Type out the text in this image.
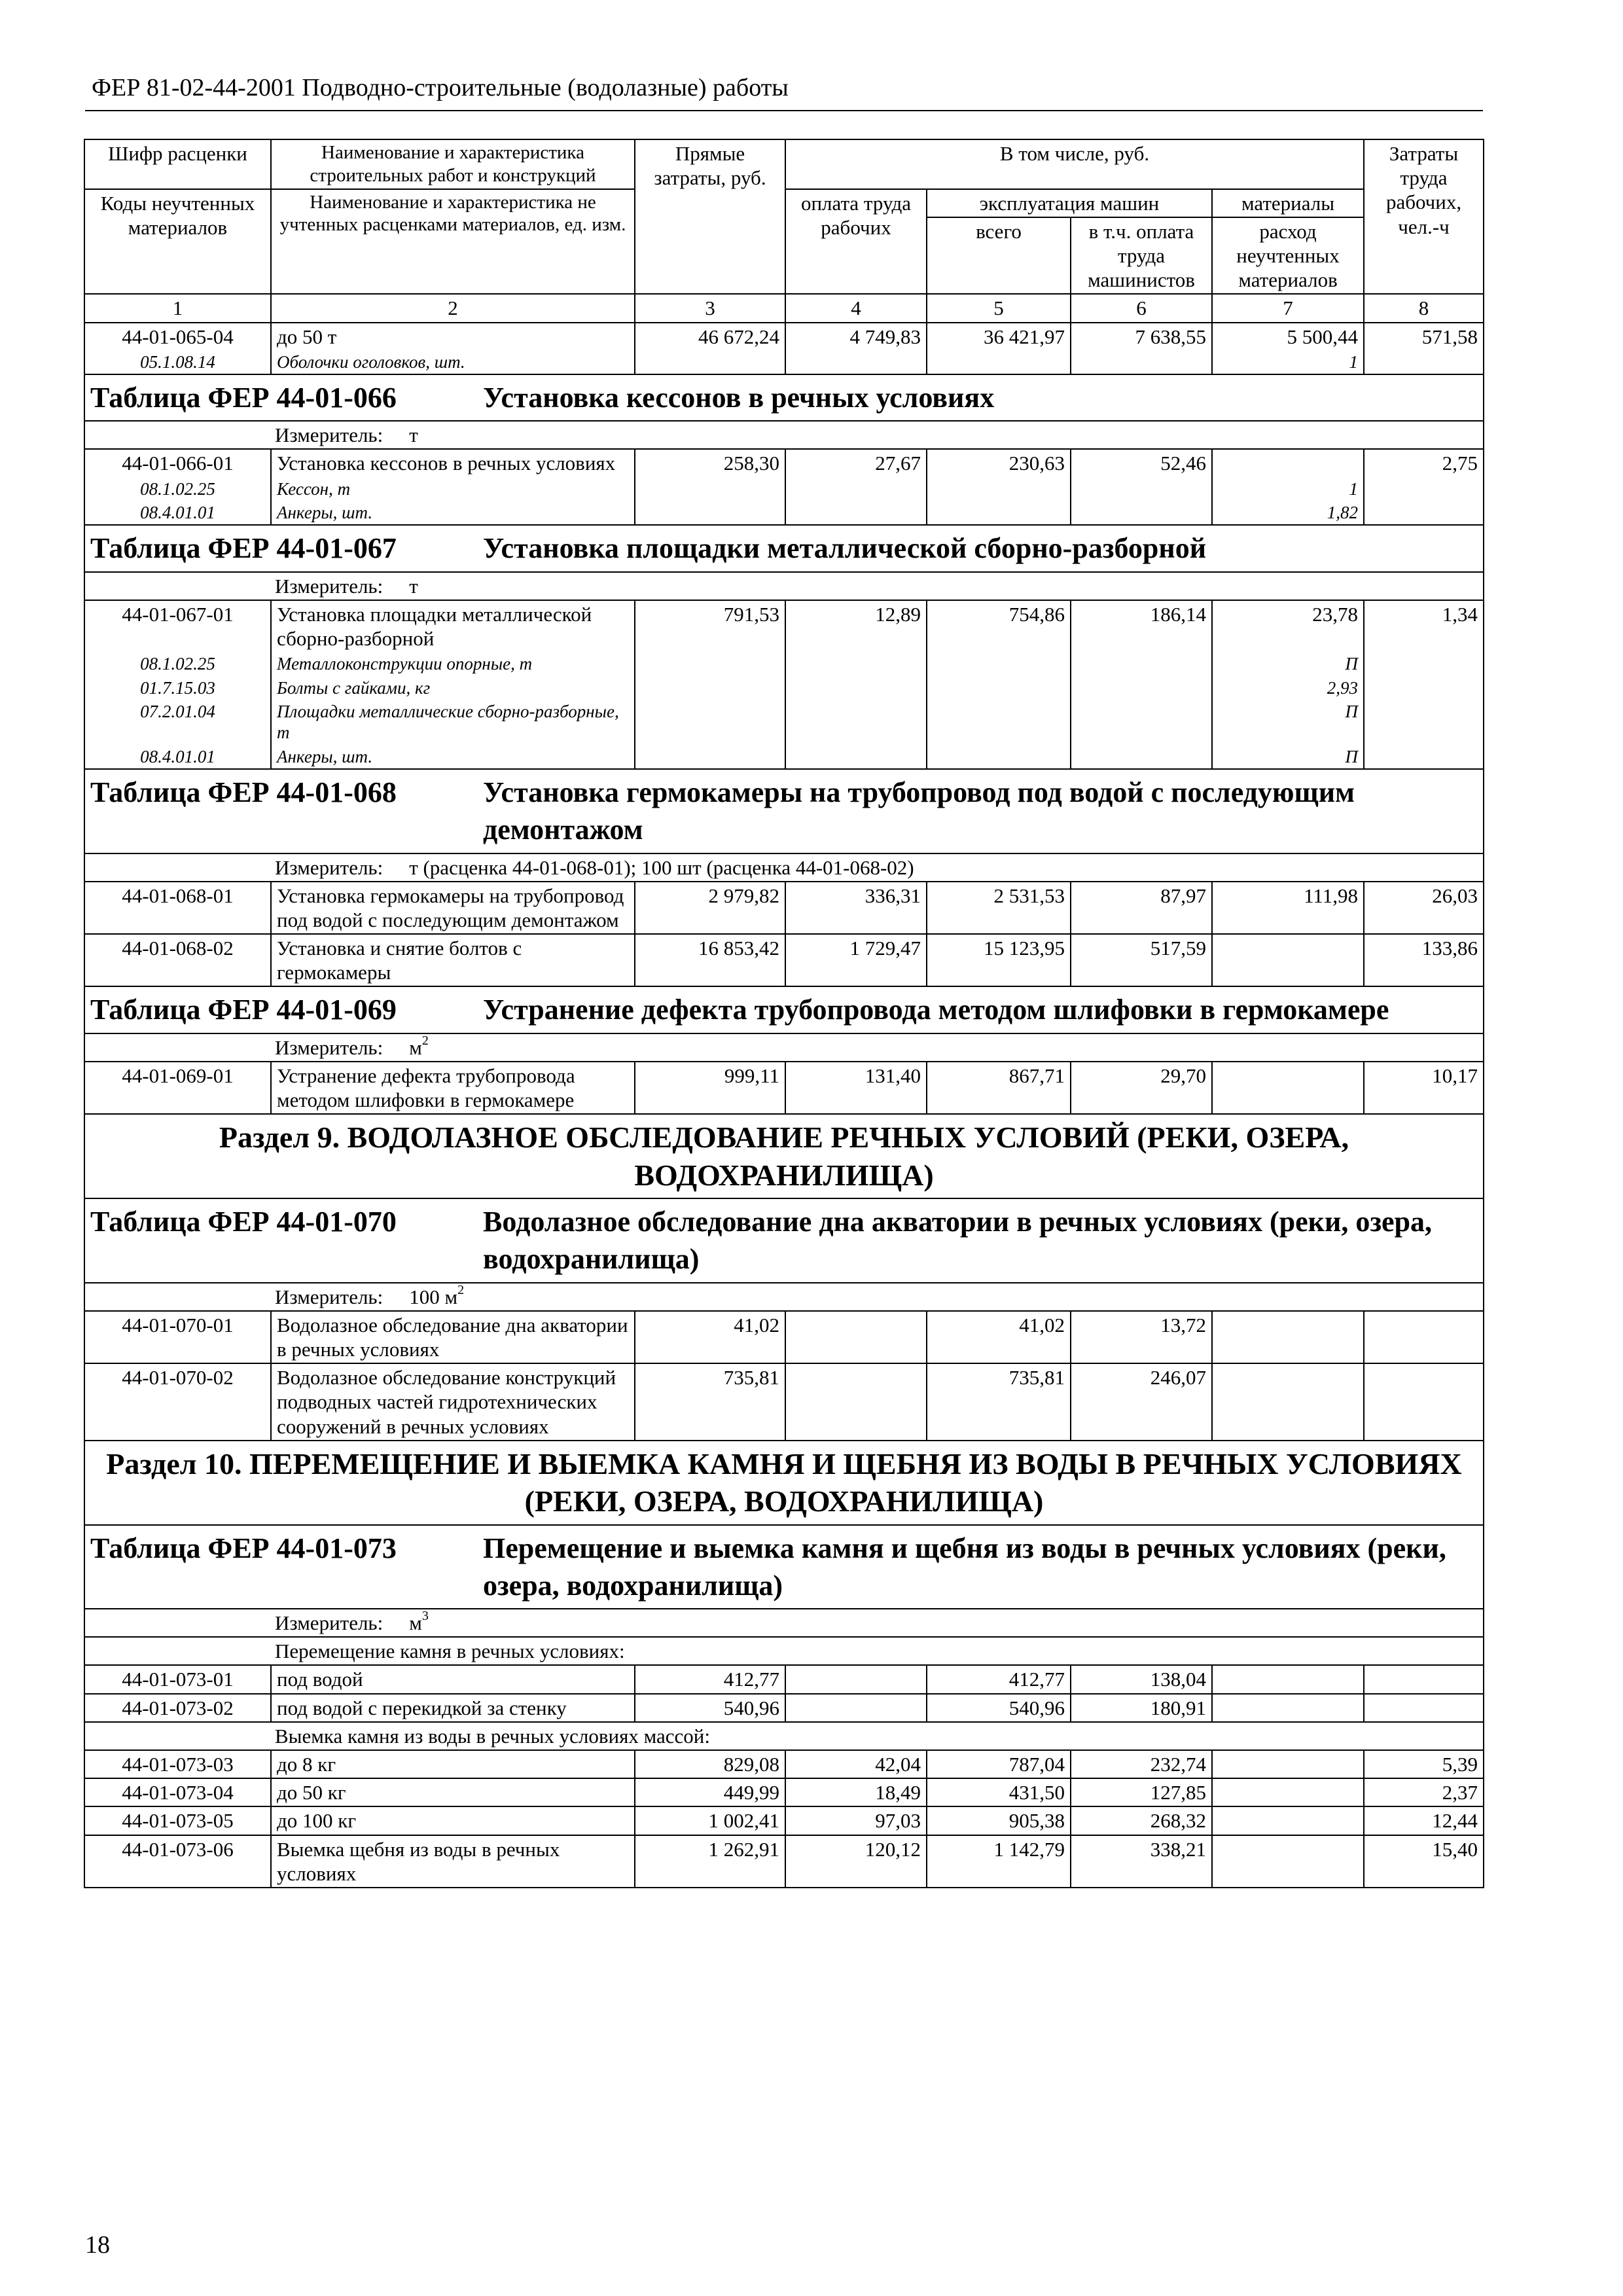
ФЕР 81-02-44-2001 Подводно-строительные (водолазные) работы
Шифр расценки	Наименование и характеристика строительных работ и конструкций	Прямые затраты, руб.	В том числе, руб.				Затраты труда рабочих, чел.-ч
Коды неучтенных материалов	Наименование и характеристика не учтенных расценками материалов, ед. изм.		оплата труда рабочих	эксплуатация машин		материалы	
				всего	в т.ч. оплата труда машинистов	расход неучтенных материалов	
1	2	3	4	5	6	7	8
44-01-065-04	до 50 т	46 672,24	4 749,83	36 421,97	7 638,55	5 500,44	571,58
05.1.08.14	Оболочки оголовков, шт.					1	
Таблица ФЕР 44-01-066 Установка кессонов в речных условиях							
Измеритель: т							
44-01-066-01	Установка кессонов в речных условиях	258,30	27,67	230,63	52,46		2,75
08.1.02.25	Кессон, т					1	
08.4.01.01	Анкеры, шт.					1,82	
Таблица ФЕР 44-01-067 Установка площадки металлической сборно-разборной							
Измеритель: т							
44-01-067-01	Установка площадки металлической сборно-разборной	791,53	12,89	754,86	186,14	23,78	1,34
08.1.02.25	Металлоконструкции опорные, т					П	
01.7.15.03	Болты с гайками, кг					2,93	
07.2.01.04	Площадки металлические сборно-разборные, т					П	
08.4.01.01	Анкеры, шт.					П	
Таблица ФЕР 44-01-068 Установка гермокамеры на трубопровод под водой с последующим демонтажом							
Измеритель: т (расценка 44-01-068-01); 100 шт (расценка 44-01-068-02)							
44-01-068-01	Установка гермокамеры на трубопровод под водой с последующим демонтажом	2 979,82	336,31	2 531,53	87,97	111,98	26,03
44-01-068-02	Установка и снятие болтов с гермокамеры	16 853,42	1 729,47	15 123,95	517,59		133,86
Таблица ФЕР 44-01-069 Устранение дефекта трубопровода методом шлифовки в гермокамере							
Измеритель: $м^2$
44-01-069-01	Устранение дефекта трубопровода методом шлифовки в гермокамере	999,11	131,40	867,71	29,70		10,17
Раздел 9. ВОДОЛАЗНОЕ ОБСЛЕДОВАНИЕ РЕЧНЫХ УСЛОВИЙ (РЕКИ, ОЗЕРА, ВОДОХРАНИЛИЩА)							
Таблица ФЕР 44-01-070 Водолазное обследование дна акватории в речных условиях (реки, озера, водохранилища)							
Измеритель: 100 $м^2$
44-01-070-01	Водолазное обследование дна акватории в речных условиях	41,02		41,02	13,72		
44-01-070-02	Водолазное обследование конструкций подводных частей гидротехнических сооружений в речных условиях	735,81		735,81	246,07		
Раздел 10. ПЕРЕМЕЩЕНИЕ И ВЫЕМКА КАМНЯ И ЩЕБНЯ ИЗ ВОДЫ В РЕЧНЫХ УСЛОВИЯХ (РЕКИ, ОЗЕРА, ВОДОХРАНИЛИЩА)							
Таблица ФЕР 44-01-073 Перемещение и выемка камня и щебня из воды в речных условиях (реки, озера, водохранилища)							
Измеритель: $м^3$
Перемещение камня в речных условиях:							
44-01-073-01	под водой	412,77		412,77	138,04		
44-01-073-02	под водой с перекидкой за стенку	540,96		540,96	180,91		
Выемка камня из воды в речных условиях массой:							
44-01-073-03	до 8 кг	829,08	42,04	787,04	232,74		5,39
44-01-073-04	до 50 кг	449,99	18,49	431,50	127,85		2,37
44-01-073-05	до 100 кг	1 002,41	97,03	905,38	268,32		12,44
44-01-073-06	Выемка щебня из воды в речных условиях	1 262,91	120,12	1 142,79	338,21		15,40
18
